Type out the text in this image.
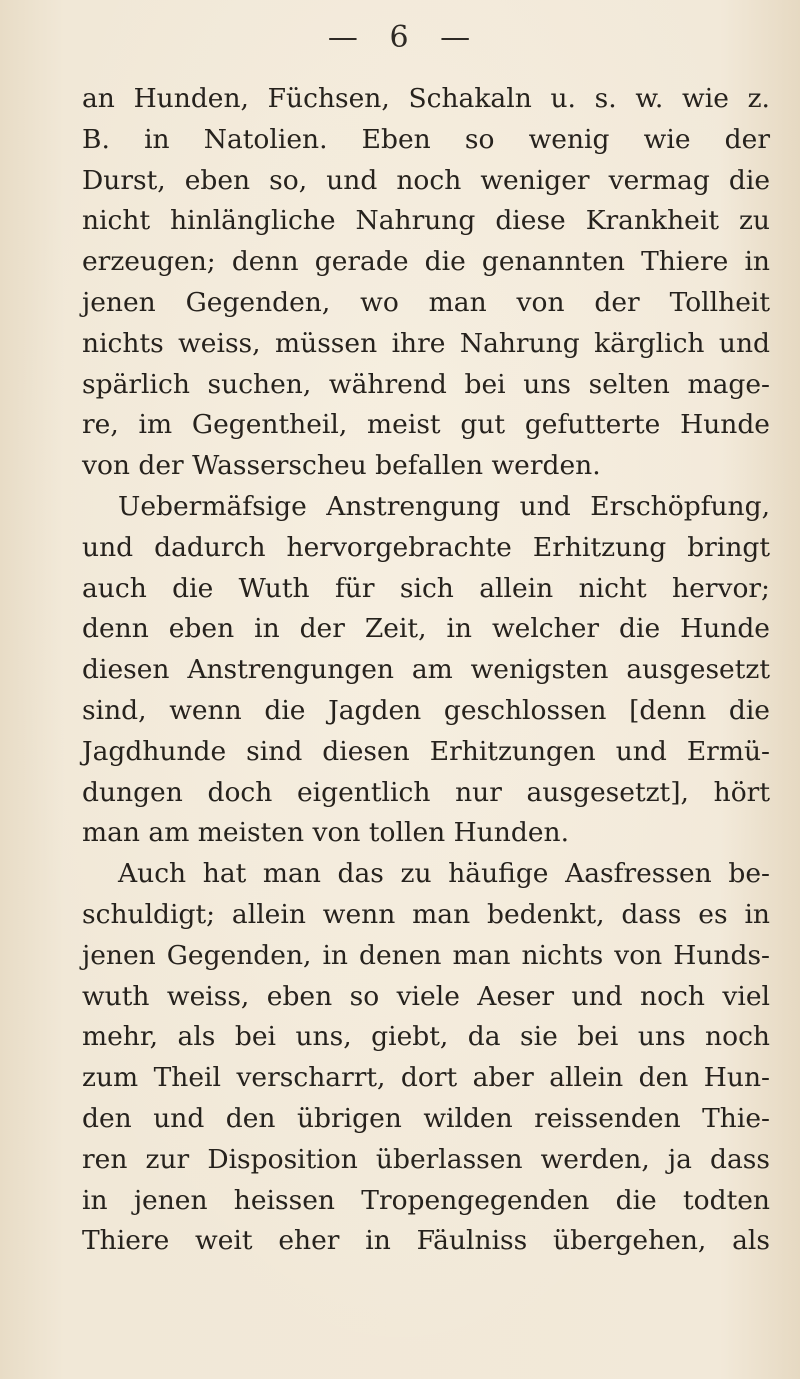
— 6 —
an Hunden, Füchsen, Schakaln u. s. w. wie z.
B. in Natolien. Eben so wenig wie der
Durst, eben so, und noch weniger vermag die
nicht hinlängliche Nahrung diese Krankheit zu
erzeugen; denn gerade die genannten Thiere in
jenen Gegenden, wo man von der Tollheit
nichts weiss, müssen ihre Nahrung kärglich und
spärlich suchen, während bei uns selten mage-
re, im Gegentheil, meist gut gefutterte Hunde
von der Wasserscheu befallen werden.
Uebermäfsige Anstrengung und Erschöpfung,
und dadurch hervorgebrachte Erhitzung bringt
auch die Wuth für sich allein nicht hervor;
denn eben in der Zeit, in welcher die Hunde
diesen Anstrengungen am wenigsten ausgesetzt
sind, wenn die Jagden geschlossen [denn die
Jagdhunde sind diesen Erhitzungen und Ermü-
dungen doch eigentlich nur ausgesetzt], hört
man am meisten von tollen Hunden.
Auch hat man das zu häufige Aasfressen be-
schuldigt; allein wenn man bedenkt, dass es in
jenen Gegenden, in denen man nichts von Hunds-
wuth weiss, eben so viele Aeser und noch viel
mehr, als bei uns, giebt, da sie bei uns noch
zum Theil verscharrt, dort aber allein den Hun-
den und den übrigen wilden reissenden Thie-
ren zur Disposition überlassen werden, ja dass
in jenen heissen Tropengegenden die todten
Thiere weit eher in Fäulniss übergehen, als
